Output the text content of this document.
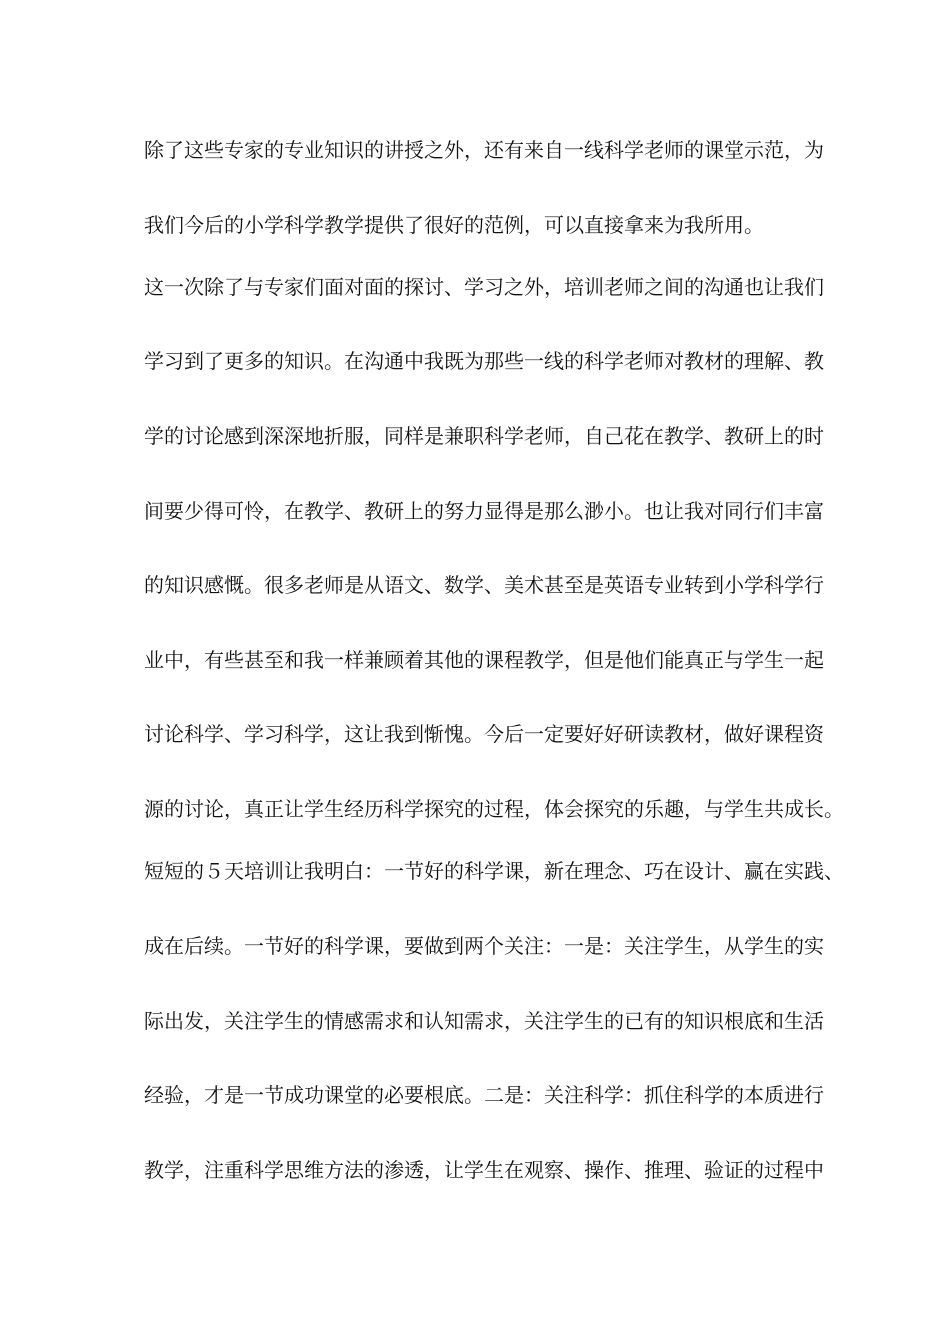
除了这些专家的专业知识的讲授之外，还有来自一线科学老师的课堂示范，为
我们今后的小学科学教学提供了很好的范例，可以直接拿来为我所用。
这一次除了与专家们面对面的探讨、学习之外，培训老师之间的沟通也让我们
学习到了更多的知识。在沟通中我既为那些一线的科学老师对教材的理解、教
学的讨论感到深深地折服，同样是兼职科学老师，自己花在教学、教研上的时
间要少得可怜，在教学、教研上的努力显得是那么渺小。也让我对同行们丰富
的知识感慨。很多老师是从语文、数学、美术甚至是英语专业转到小学科学行
业中，有些甚至和我一样兼顾着其他的课程教学，但是他们能真正与学生一起
讨论科学、学习科学，这让我到惭愧。今后一定要好好研读教材，做好课程资
源的讨论，真正让学生经历科学探究的过程，体会探究的乐趣，与学生共成长。
短短的５天培训让我明白：一节好的科学课，新在理念、巧在设计、赢在实践、
成在后续。一节好的科学课，要做到两个关注：一是：关注学生，从学生的实
际出发，关注学生的情感需求和认知需求，关注学生的已有的知识根底和生活
经验，才是一节成功课堂的必要根底。二是：关注科学：抓住科学的本质进行
教学，注重科学思维方法的渗透，让学生在观察、操作、推理、验证的过程中
